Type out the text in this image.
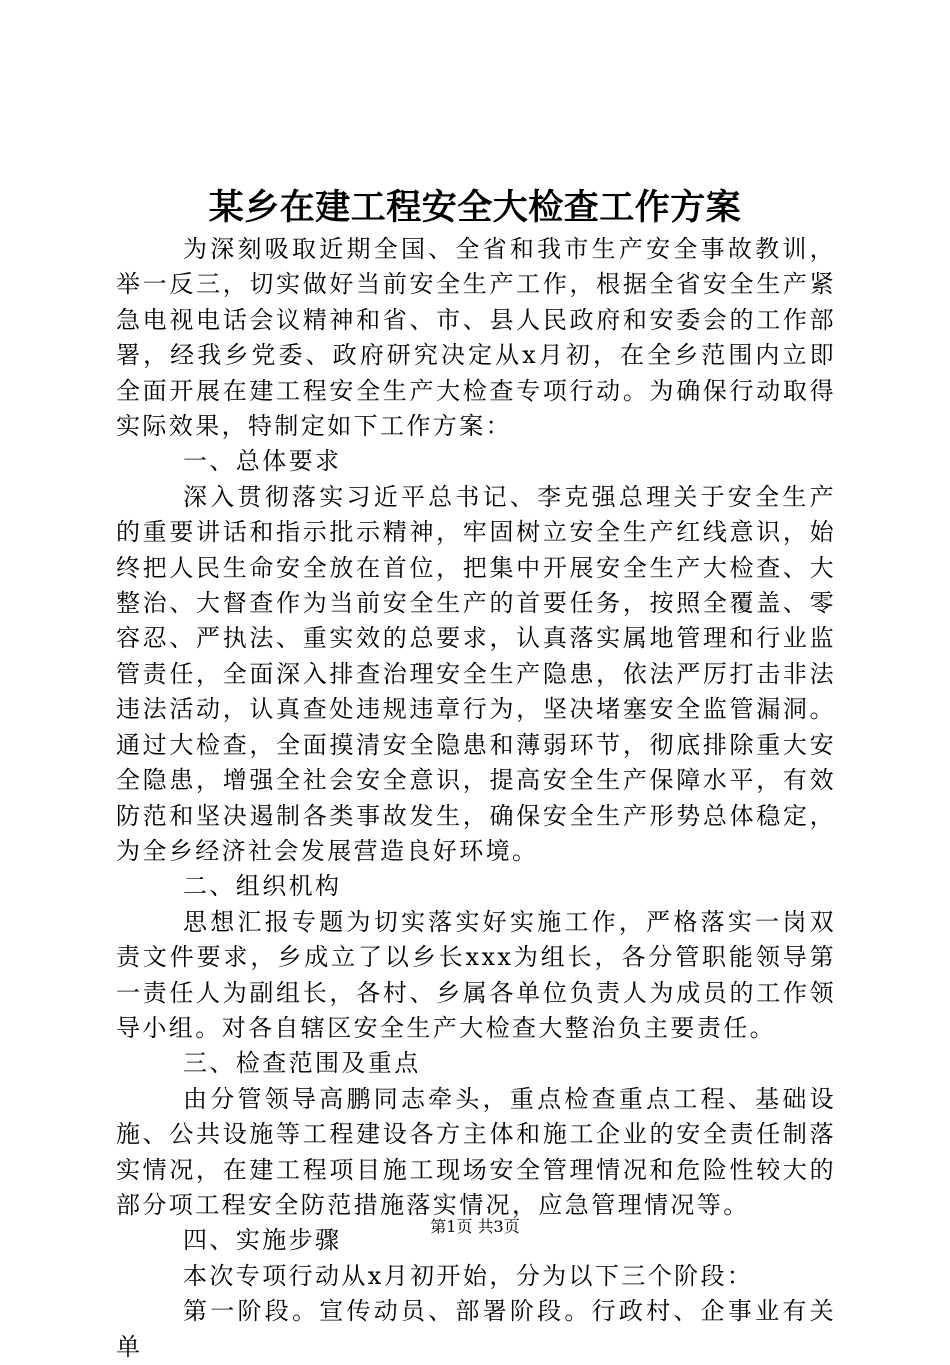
某乡在建工程安全大检查工作方案

为深刻吸取近期全国、全省和我市生产安全事故教训，举一反三，切实做好当前安全生产工作，根据全省安全生产紧急电视电话会议精神和省、市、县人民政府和安委会的工作部署，经我乡党委、政府研究决定从x月初，在全乡范围内立即全面开展在建工程安全生产大检查专项行动。为确保行动取得实际效果，特制定如下工作方案：

一、总体要求

深入贯彻落实习近平总书记、李克强总理关于安全生产的重要讲话和指示批示精神，牢固树立安全生产红线意识，始终把人民生命安全放在首位，把集中开展安全生产大检查、大整治、大督查作为当前安全生产的首要任务，按照全覆盖、零容忍、严执法、重实效的总要求，认真落实属地管理和行业监管责任，全面深入排查治理安全生产隐患，依法严厉打击非法违法活动，认真查处违规违章行为，坚决堵塞安全监管漏洞。通过大检查，全面摸清安全隐患和薄弱环节，彻底排除重大安全隐患，增强全社会安全意识，提高安全生产保障水平，有效防范和坚决遏制各类事故发生，确保安全生产形势总体稳定，为全乡经济社会发展营造良好环境。

二、组织机构

思想汇报专题为切实落实好实施工作，严格落实一岗双责文件要求，乡成立了以乡长xxx为组长，各分管职能领导第一责任人为副组长，各村、乡属各单位负责人为成员的工作领导小组。对各自辖区安全生产大检查大整治负主要责任。

三、检查范围及重点

由分管领导高鹏同志牵头，重点检查重点工程、基础设施、公共设施等工程建设各方主体和施工企业的安全责任制落实情况，在建工程项目施工现场安全管理情况和危险性较大的部分项工程安全防范措施落实情况，应急管理情况等。

四、实施步骤

本次专项行动从x月初开始，分为以下三个阶段：

第一阶段。宣传动员、部署阶段。行政村、企事业有关单

第1页 共3页
